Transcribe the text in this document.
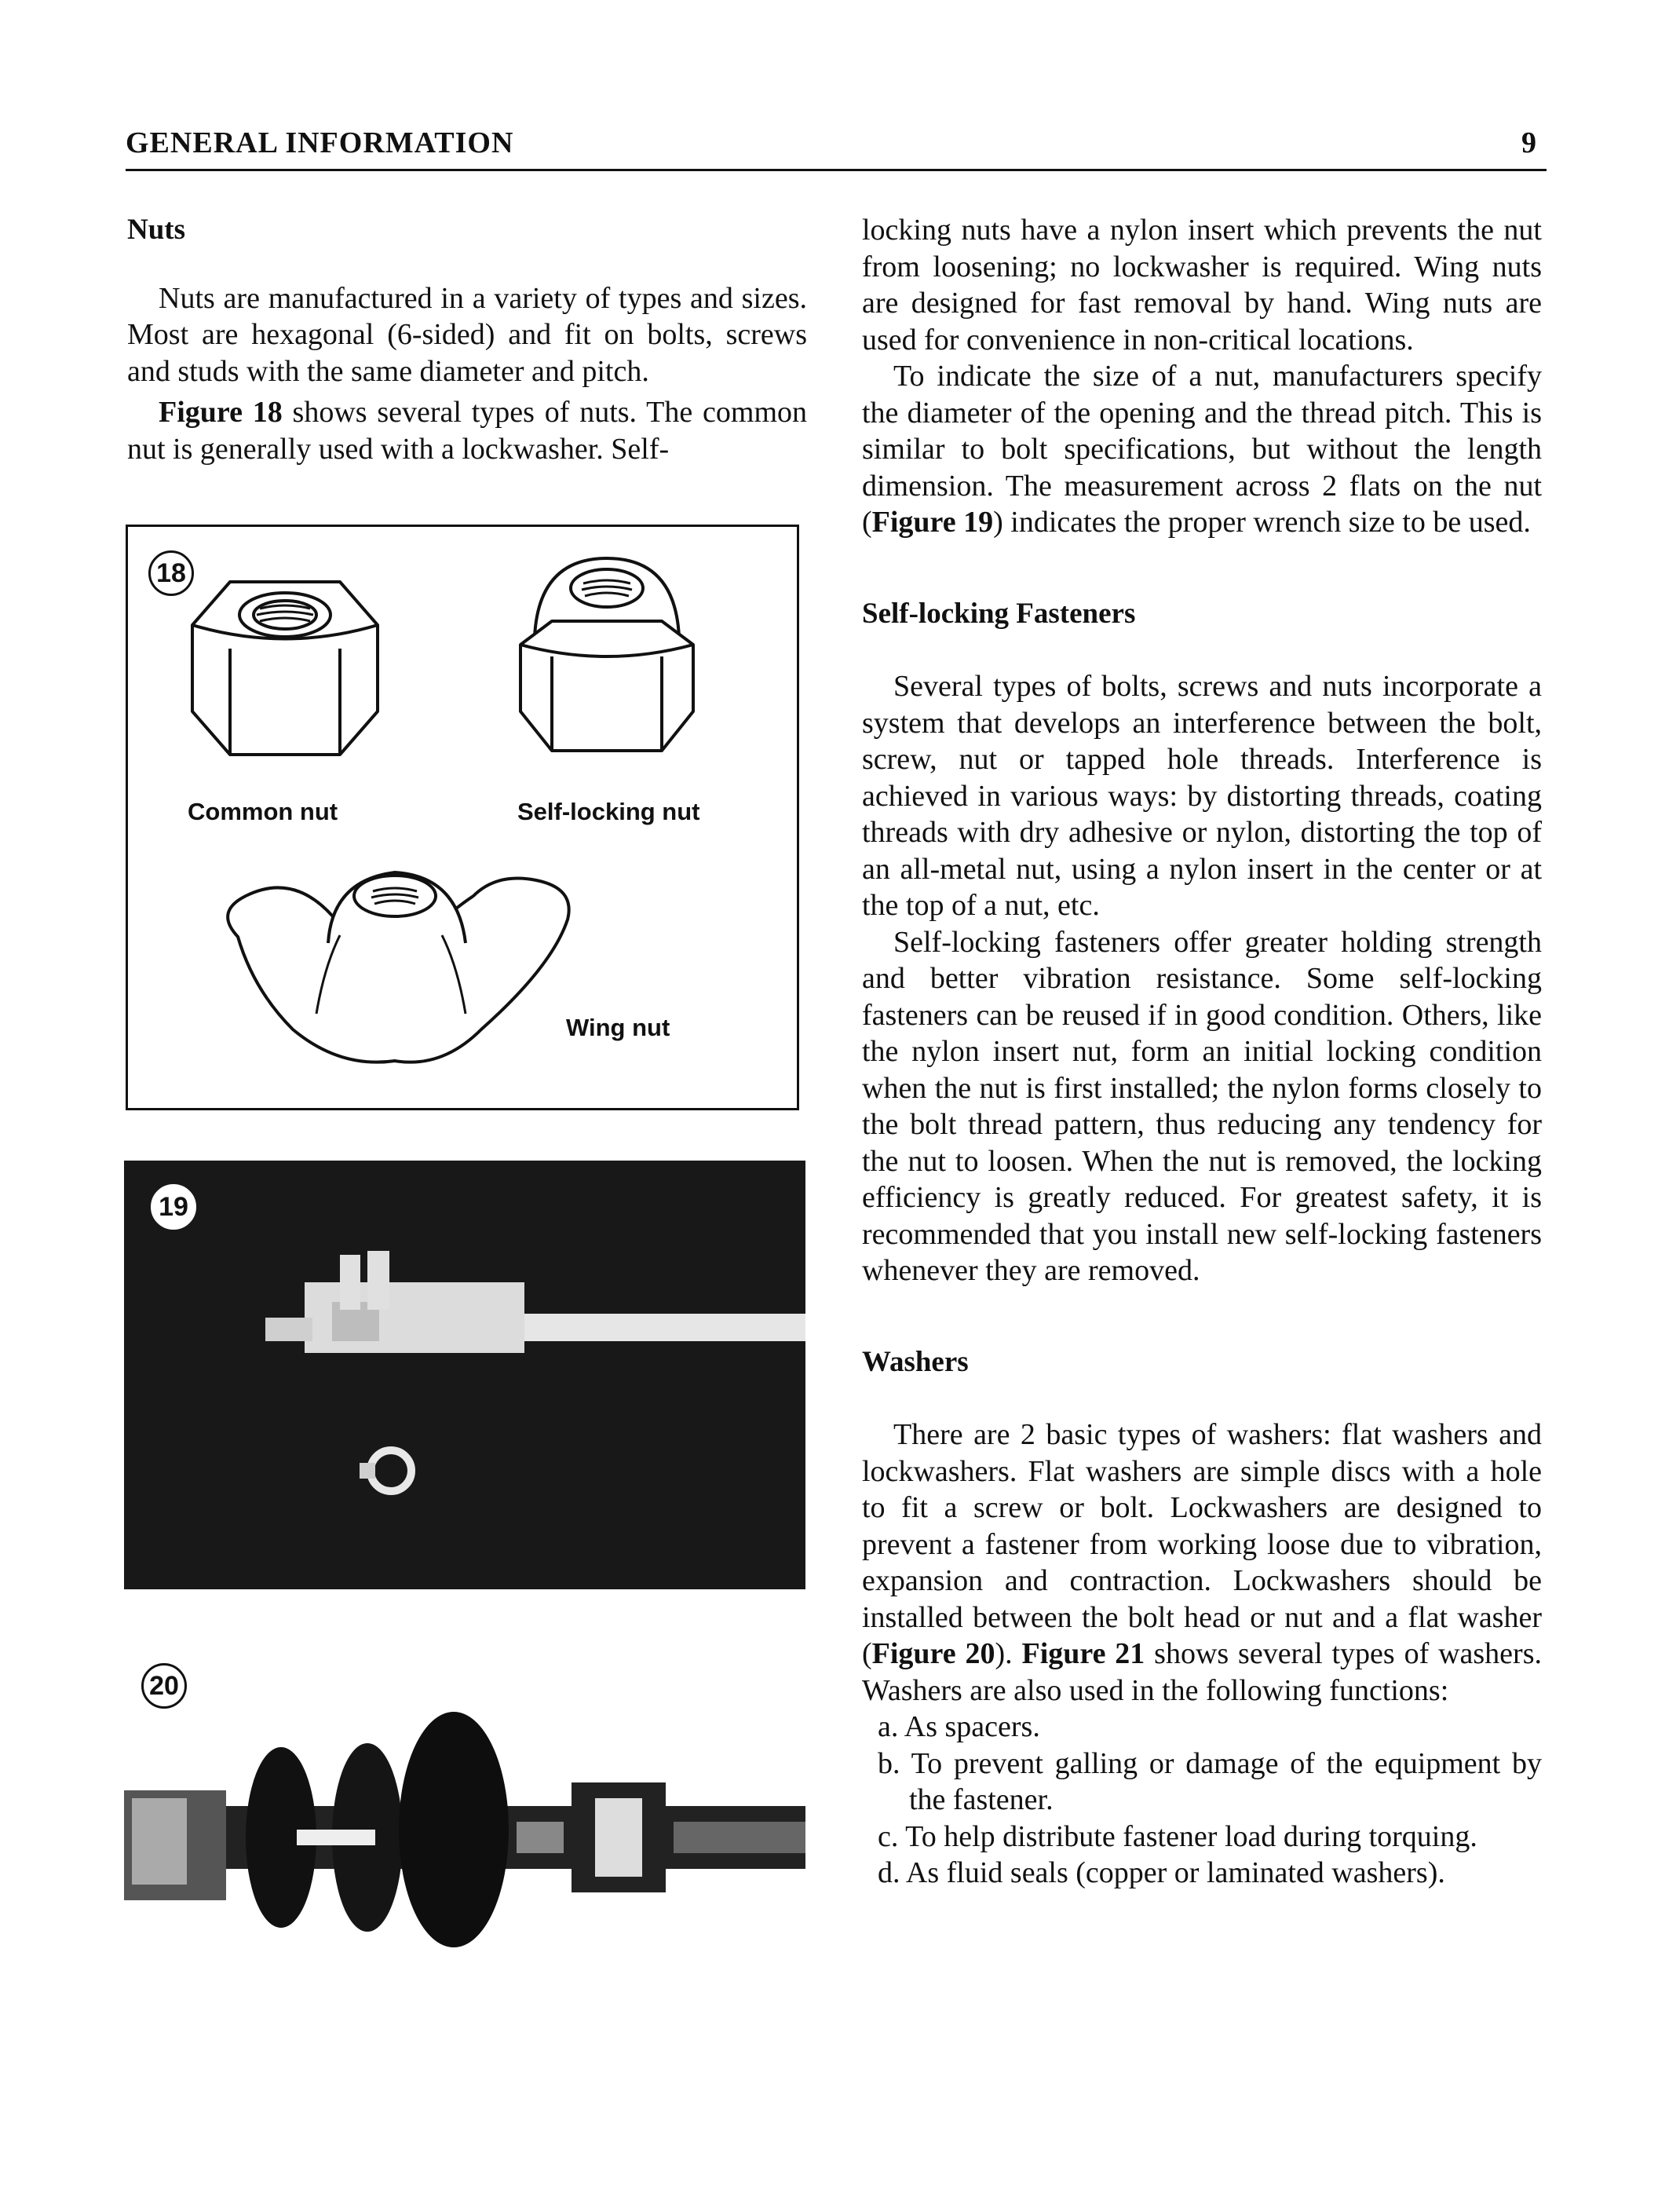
GENERAL INFORMATION	9

Nuts

Nuts are manufactured in a variety of types and sizes. Most are hexagonal (6-sided) and fit on bolts, screws and studs with the same diameter and pitch.

Figure 18 shows several types of nuts. The common nut is generally used with a lockwasher. Self-

18
Common nut	Self-locking nut
Wing nut
19
20

locking nuts have a nylon insert which prevents the nut from loosening; no lockwasher is required. Wing nuts are designed for fast removal by hand. Wing nuts are used for convenience in non-critical locations.

To indicate the size of a nut, manufacturers specify the diameter of the opening and the thread pitch. This is similar to bolt specifications, but without the length dimension. The measurement across 2 flats on the nut (Figure 19) indicates the proper wrench size to be used.

Self-locking Fasteners

Several types of bolts, screws and nuts incorporate a system that develops an interference between the bolt, screw, nut or tapped hole threads. Interference is achieved in various ways: by distorting threads, coating threads with dry adhesive or nylon, distorting the top of an all-metal nut, using a nylon insert in the center or at the top of a nut, etc.

Self-locking fasteners offer greater holding strength and better vibration resistance. Some self-locking fasteners can be reused if in good condition. Others, like the nylon insert nut, form an initial locking condition when the nut is first installed; the nylon forms closely to the bolt thread pattern, thus reducing any tendency for the nut to loosen. When the nut is removed, the locking efficiency is greatly reduced. For greatest safety, it is recommended that you install new self-locking fasteners whenever they are removed.

Washers

There are 2 basic types of washers: flat washers and lockwashers. Flat washers are simple discs with a hole to fit a screw or bolt. Lockwashers are designed to prevent a fastener from working loose due to vibration, expansion and contraction. Lockwashers should be installed between the bolt head or nut and a flat washer (Figure 20). Figure 21 shows several types of washers. Washers are also used in the following functions:

a. As spacers.

b. To prevent galling or damage of the equipment by the fastener.

c. To help distribute fastener load during torquing.

d. As fluid seals (copper or laminated washers).
